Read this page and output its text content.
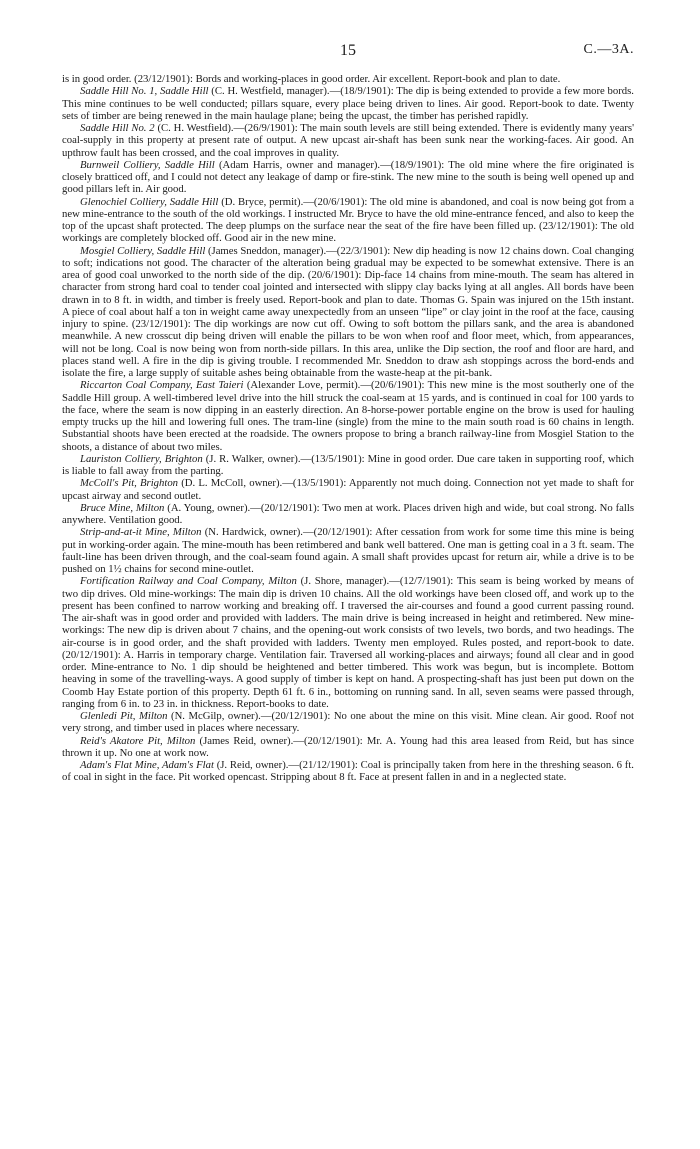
15	C.—3A.

is in good order. (23/12/1901): Bords and working-places in good order. Air excellent. Report-book and plan to date.

Saddle Hill No. 1, Saddle Hill (C. H. Westfield, manager).—(18/9/1901): The dip is being extended to provide a few more bords. This mine continues to be well conducted; pillars square, every place being driven to lines. Air good. Report-book to date. Twenty sets of timber are being renewed in the main haulage plane; being the upcast, the timber has perished rapidly.

Saddle Hill No. 2 (C. H. Westfield).—(26/9/1901): The main south levels are still being extended. There is evidently many years' coal-supply in this property at present rate of output. A new upcast air-shaft has been sunk near the working-faces. Air good. An upthrow fault has been crossed, and the coal improves in quality.

Burnweil Colliery, Saddle Hill (Adam Harris, owner and manager).—(18/9/1901): The old mine where the fire originated is closely bratticed off, and I could not detect any leakage of damp or fire-stink. The new mine to the south is being well opened up and good pillars left in. Air good.

Glenochiel Colliery, Saddle Hill (D. Bryce, permit).—(20/6/1901): The old mine is abandoned, and coal is now being got from a new mine-entrance to the south of the old workings. I instructed Mr. Bryce to have the old mine-entrance fenced, and also to keep the top of the upcast shaft protected. The deep plumps on the surface near the seat of the fire have been filled up. (23/12/1901): The old workings are completely blocked off. Good air in the new mine.

Mosgiel Colliery, Saddle Hill (James Sneddon, manager).—(22/3/1901): New dip heading is now 12 chains down. Coal changing to soft; indications not good. The character of the alteration being gradual may be expected to be somewhat extensive. There is an area of good coal unworked to the north side of the dip. (20/6/1901): Dip-face 14 chains from mine-mouth. The seam has altered in character from strong hard coal to tender coal jointed and intersected with slippy clay backs lying at all angles. All bords have been drawn in to 8 ft. in width, and timber is freely used. Report-book and plan to date. Thomas G. Spain was injured on the 15th instant. A piece of coal about half a ton in weight came away unexpectedly from an unseen “lipe” or clay joint in the roof at the face, causing injury to spine. (23/12/1901): The dip workings are now cut off. Owing to soft bottom the pillars sank, and the area is abandoned meanwhile. A new crosscut dip being driven will enable the pillars to be won when roof and floor meet, which, from appearances, will not be long. Coal is now being won from north-side pillars. In this area, unlike the Dip section, the roof and floor are hard, and places stand well. A fire in the dip is giving trouble. I recommended Mr. Sneddon to draw ash stoppings across the bord-ends and isolate the fire, a large supply of suitable ashes being obtainable from the waste-heap at the pit-bank.

Riccarton Coal Company, East Taieri (Alexander Love, permit).—(20/6/1901): This new mine is the most southerly one of the Saddle Hill group. A well-timbered level drive into the hill struck the coal-seam at 15 yards, and is continued in coal for 100 yards to the face, where the seam is now dipping in an easterly direction. An 8-horse-power portable engine on the brow is used for hauling empty trucks up the hill and lowering full ones. The tram-line (single) from the mine to the main south road is 60 chains in length. Substantial shoots have been erected at the roadside. The owners propose to bring a branch railway-line from Mosgiel Station to the shoots, a distance of about two miles.

Lauriston Colliery, Brighton (J. R. Walker, owner).—(13/5/1901): Mine in good order. Due care taken in supporting roof, which is liable to fall away from the parting.

McColl's Pit, Brighton (D. L. McColl, owner).—(13/5/1901): Apparently not much doing. Connection not yet made to shaft for upcast airway and second outlet.

Bruce Mine, Milton (A. Young, owner).—(20/12/1901): Two men at work. Places driven high and wide, but coal strong. No falls anywhere. Ventilation good.

Strip-and-at-it Mine, Milton (N. Hardwick, owner).—(20/12/1901): After cessation from work for some time this mine is being put in working-order again. The mine-mouth has been retimbered and bank well battered. One man is getting coal in a 3 ft. seam. The fault-line has been driven through, and the coal-seam found again. A small shaft provides upcast for return air, while a drive is to be pushed on 1½ chains for second mine-outlet.

Fortification Railway and Coal Company, Milton (J. Shore, manager).—(12/7/1901): This seam is being worked by means of two dip drives. Old mine-workings: The main dip is driven 10 chains. All the old workings have been closed off, and work up to the present has been confined to narrow working and breaking off. I traversed the air-courses and found a good current passing round. The air-shaft was in good order and provided with ladders. The main drive is being increased in height and retimbered. New mine-workings: The new dip is driven about 7 chains, and the opening-out work consists of two levels, two bords, and two headings. The air-course is in good order, and the shaft provided with ladders. Twenty men employed. Rules posted, and report-book to date. (20/12/1901): A. Harris in temporary charge. Ventilation fair. Traversed all working-places and airways; found all clear and in good order. Mine-entrance to No. 1 dip should be heightened and better timbered. This work was begun, but is incomplete. Bottom heaving in some of the travelling-ways. A good supply of timber is kept on hand. A prospecting-shaft has just been put down on the Coomb Hay Estate portion of this property. Depth 61 ft. 6 in., bottoming on running sand. In all, seven seams were passed through, ranging from 6 in. to 23 in. in thickness. Report-books to date.

Glenledi Pit, Milton (N. McGilp, owner).—(20/12/1901): No one about the mine on this visit. Mine clean. Air good. Roof not very strong, and timber used in places where necessary.

Reid's Akatore Pit, Milton (James Reid, owner).—(20/12/1901): Mr. A. Young had this area leased from Reid, but has since thrown it up. No one at work now.

Adam's Flat Mine, Adam's Flat (J. Reid, owner).—(21/12/1901): Coal is principally taken from here in the threshing season. 6 ft. of coal in sight in the face. Pit worked opencast. Stripping about 8 ft. Face at present fallen in and in a neglected state.
